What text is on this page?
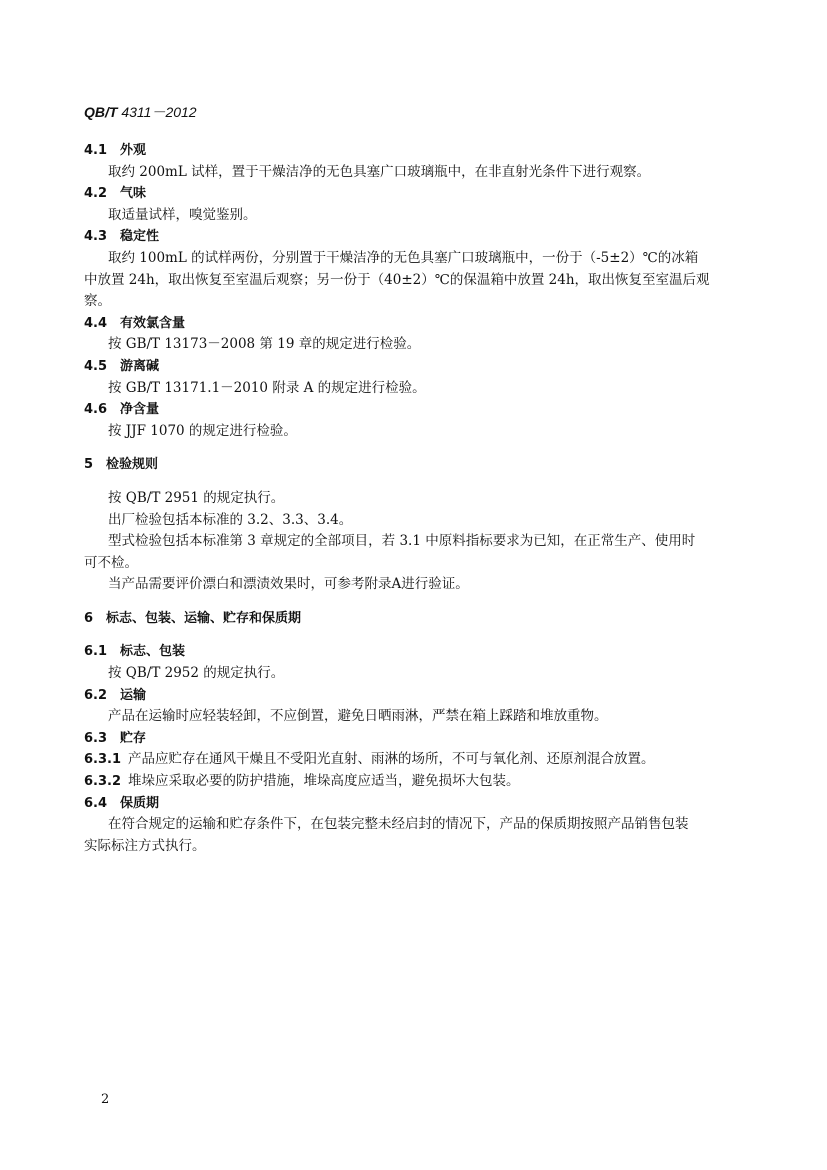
QB/T 4311－2012

4.1 外观

取约 200mL 试样，置于干燥洁净的无色具塞广口玻璃瓶中，在非直射光条件下进行观察。

4.2 气味

取适量试样，嗅觉鉴别。

4.3 稳定性

取约 100mL 的试样两份，分别置于干燥洁净的无色具塞广口玻璃瓶中，一份于（-5±2）℃的冰箱

中放置 24h，取出恢复至室温后观察；另一份于（40±2）℃的保温箱中放置 24h，取出恢复至室温后观

察。

4.4 有效氯含量

按 GB/T 13173－2008 第 19 章的规定进行检验。

4.5 游离碱

按 GB/T 13171.1－2010 附录 A 的规定进行检验。

4.6 净含量

按 JJF 1070 的规定进行检验。

5 检验规则

按 QB/T 2951 的规定执行。

出厂检验包括本标准的 3.2、3.3、3.4。

型式检验包括本标准第 3 章规定的全部项目，若 3.1 中原料指标要求为已知，在正常生产、使用时

可不检。

当产品需要评价漂白和漂渍效果时，可参考附录A进行验证。

6 标志、包装、运输、贮存和保质期

6.1 标志、包装

按 QB/T 2952 的规定执行。

6.2 运输

产品在运输时应轻装轻卸，不应倒置，避免日晒雨淋，严禁在箱上踩踏和堆放重物。

6.3 贮存

6.3.1 产品应贮存在通风干燥且不受阳光直射、雨淋的场所，不可与氧化剂、还原剂混合放置。

6.3.2 堆垛应采取必要的防护措施，堆垛高度应适当，避免损坏大包装。

6.4 保质期

在符合规定的运输和贮存条件下，在包装完整未经启封的情况下，产品的保质期按照产品销售包装

实际标注方式执行。

2
